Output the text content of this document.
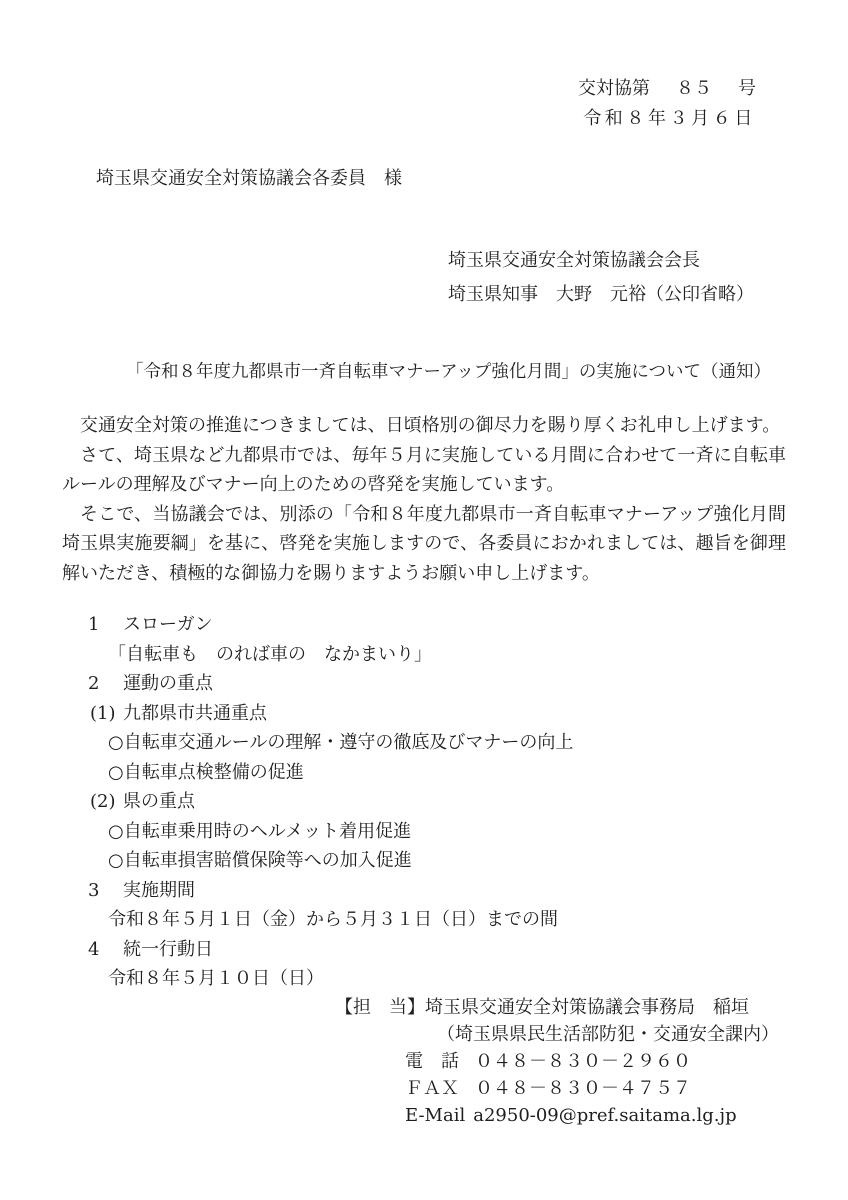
交対協第 ８５ 号
令和８年３月６日
埼玉県交通安全対策協議会各委員　様
埼玉県交通安全対策協議会会長
埼玉県知事　大野　元裕（公印省略）
「令和８年度九都県市一斉自転車マナーアップ強化月間」の実施について（通知）

交通安全対策の推進につきましては、日頃格別の御尽力を賜り厚くお礼申し上げます。

さて、埼玉県など九都県市では、毎年５月に実施している月間に合わせて一斉に自転車ルールの理解及びマナー向上のための啓発を実施しています。

そこで、当協議会では、別添の「令和８年度九都県市一斉自転車マナーアップ強化月間埼玉県実施要綱」を基に、啓発を実施しますので、各委員におかれましては、趣旨を御理解いただき、積極的な御協力を賜りますようお願い申し上げます。

1	スローガン
「自転車も　のれば車の　なかまいり」
2	運動の重点
(1) 九都県市共通重点
○自転車交通ルールの理解・遵守の徹底及びマナーの向上
○自転車点検整備の促進
(2) 県の重点
○自転車乗用時のヘルメット着用促進
○自転車損害賠償保険等への加入促進
3	実施期間
令和８年５月１日（金）から５月３１日（日）までの間
4	統一行動日
令和８年５月１０日（日）
【担　当】埼玉県交通安全対策協議会事務局　稲垣
（埼玉県県民生活部防犯・交通安全課内）
電　話 ０４８－８３０－２９６０
ＦＡＸ ０４８－８３０－４７５７
E-Mail a2950-09@pref.saitama.lg.jp
